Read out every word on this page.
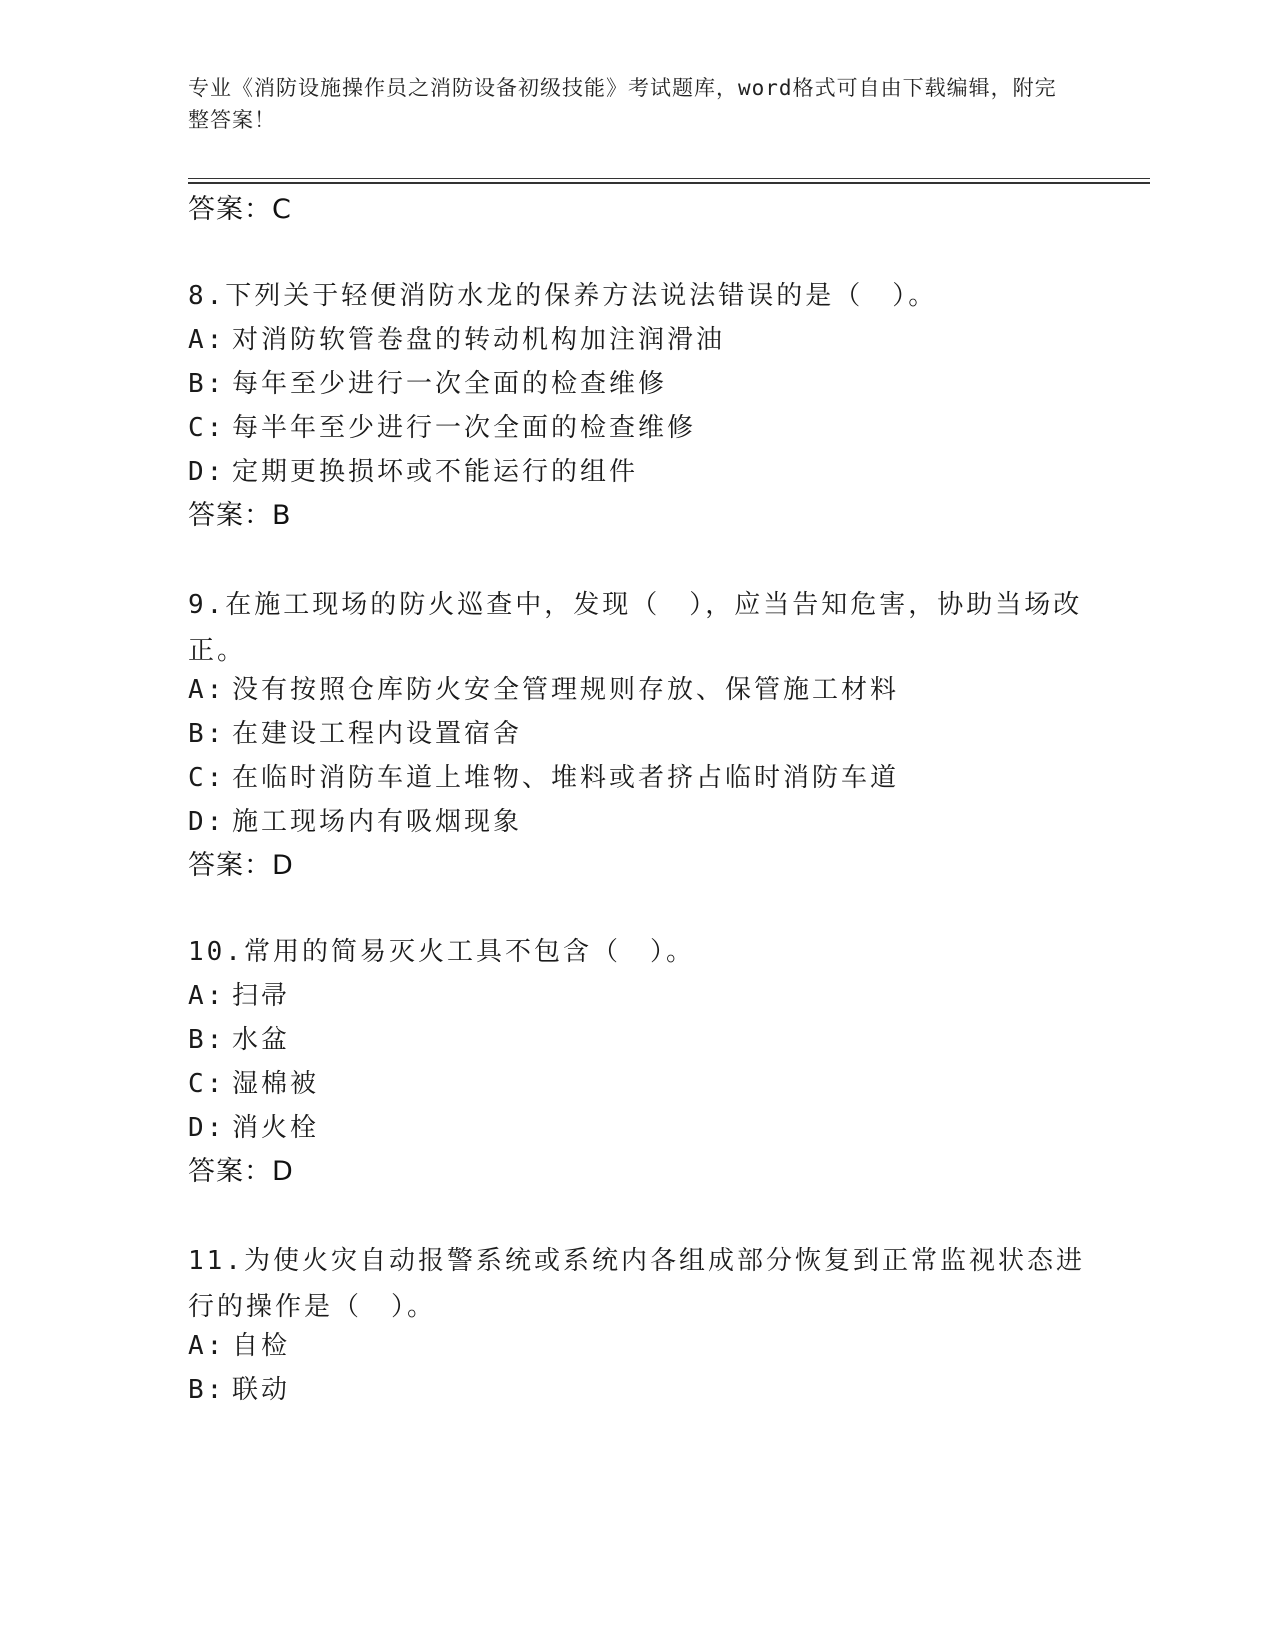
专业《消防设施操作员之消防设备初级技能》考试题库，word格式可自由下载编辑，附完整答案！
答案：C
8.下列关于轻便消防水龙的保养方法说法错误的是（　）。
A: 对消防软管卷盘的转动机构加注润滑油
B: 每年至少进行一次全面的检查维修
C: 每半年至少进行一次全面的检查维修
D: 定期更换损坏或不能运行的组件
答案：B
9.在施工现场的防火巡查中，发现（　），应当告知危害，协助当场改正。
A: 没有按照仓库防火安全管理规则存放、保管施工材料
B: 在建设工程内设置宿舍
C: 在临时消防车道上堆物、堆料或者挤占临时消防车道
D: 施工现场内有吸烟现象
答案：D
10.常用的简易灭火工具不包含（　）。
A: 扫帚
B: 水盆
C: 湿棉被
D: 消火栓
答案：D
11.为使火灾自动报警系统或系统内各组成部分恢复到正常监视状态进行的操作是（　）。
A: 自检
B: 联动
